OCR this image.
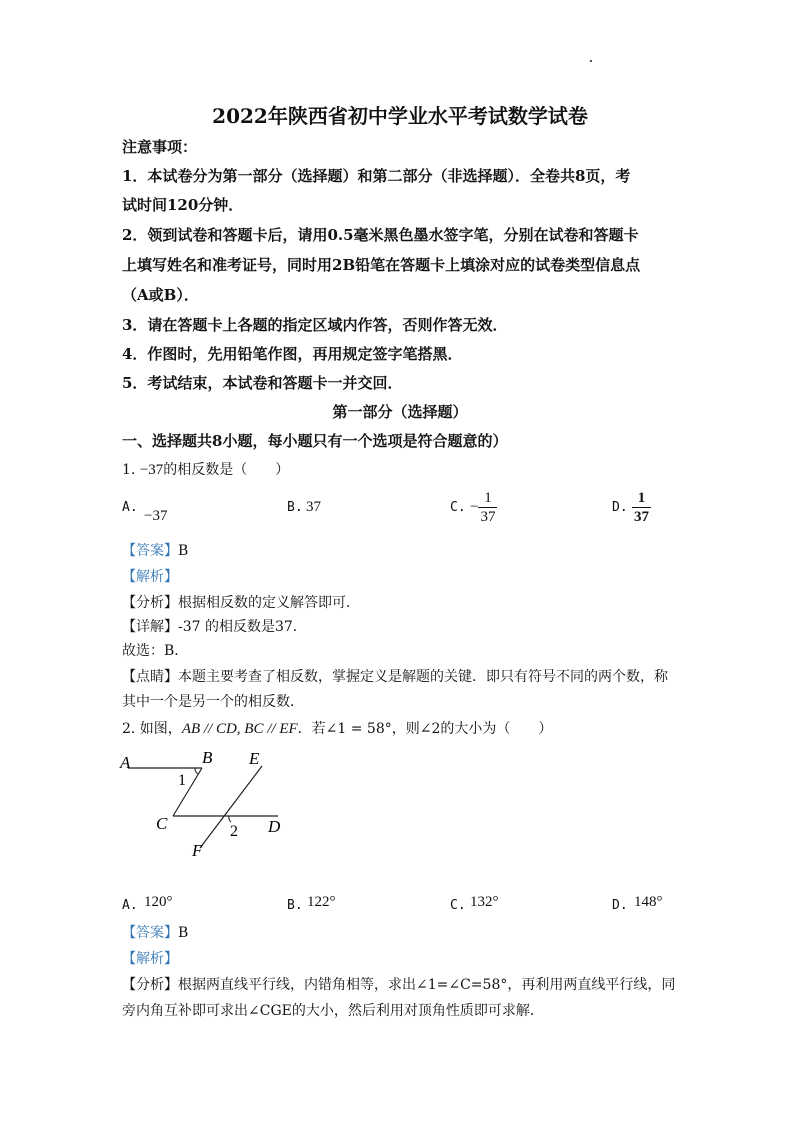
2022年陕西省初中学业水平考试数学试卷
注意事项：
1．本试卷分为第一部分（选择题）和第二部分（非选择题）．全卷共8页，考
试时间120分钟．
2．领到试卷和答题卡后，请用0.5毫米黑色墨水签字笔，分别在试卷和答题卡
上填写姓名和准考证号，同时用2B铅笔在答题卡上填涂对应的试卷类型信息点
（A或B）．
3．请在答题卡上各题的指定区域内作答，否则作答无效．
4．作图时，先用铅笔作图，再用规定签字笔搭黑．
5．考试结束，本试卷和答题卡一并交回．
第一部分（选择题）
一、选择题共8小题，每小题只有一个选项是符合题意的）
1. −37的相反数是（　　）
A.
−37
B. 37	C. − $\frac{1}{37}$	D. $\frac{1}{37}$
【答案】B
【解析】
【分析】根据相反数的定义解答即可．
【详解】-37 的相反数是37．
故选：B．
【点睛】本题主要考查了相反数，掌握定义是解题的关键．即只有符号不同的两个数，称
其中一个是另一个的相反数．
2. 如图，AB // CD, BC // EF．若∠1 = 58°，则∠2的大小为（　　）
A	B E
1
C	2 D
F
A. 120°	B. 122°	C. 132°	D. 148°
【答案】B
【解析】
【分析】根据两直线平行线，内错角相等，求出∠1=∠C=58°，再利用两直线平行线，同
旁内角互补即可求出∠CGE的大小，然后利用对顶角性质即可求解．
